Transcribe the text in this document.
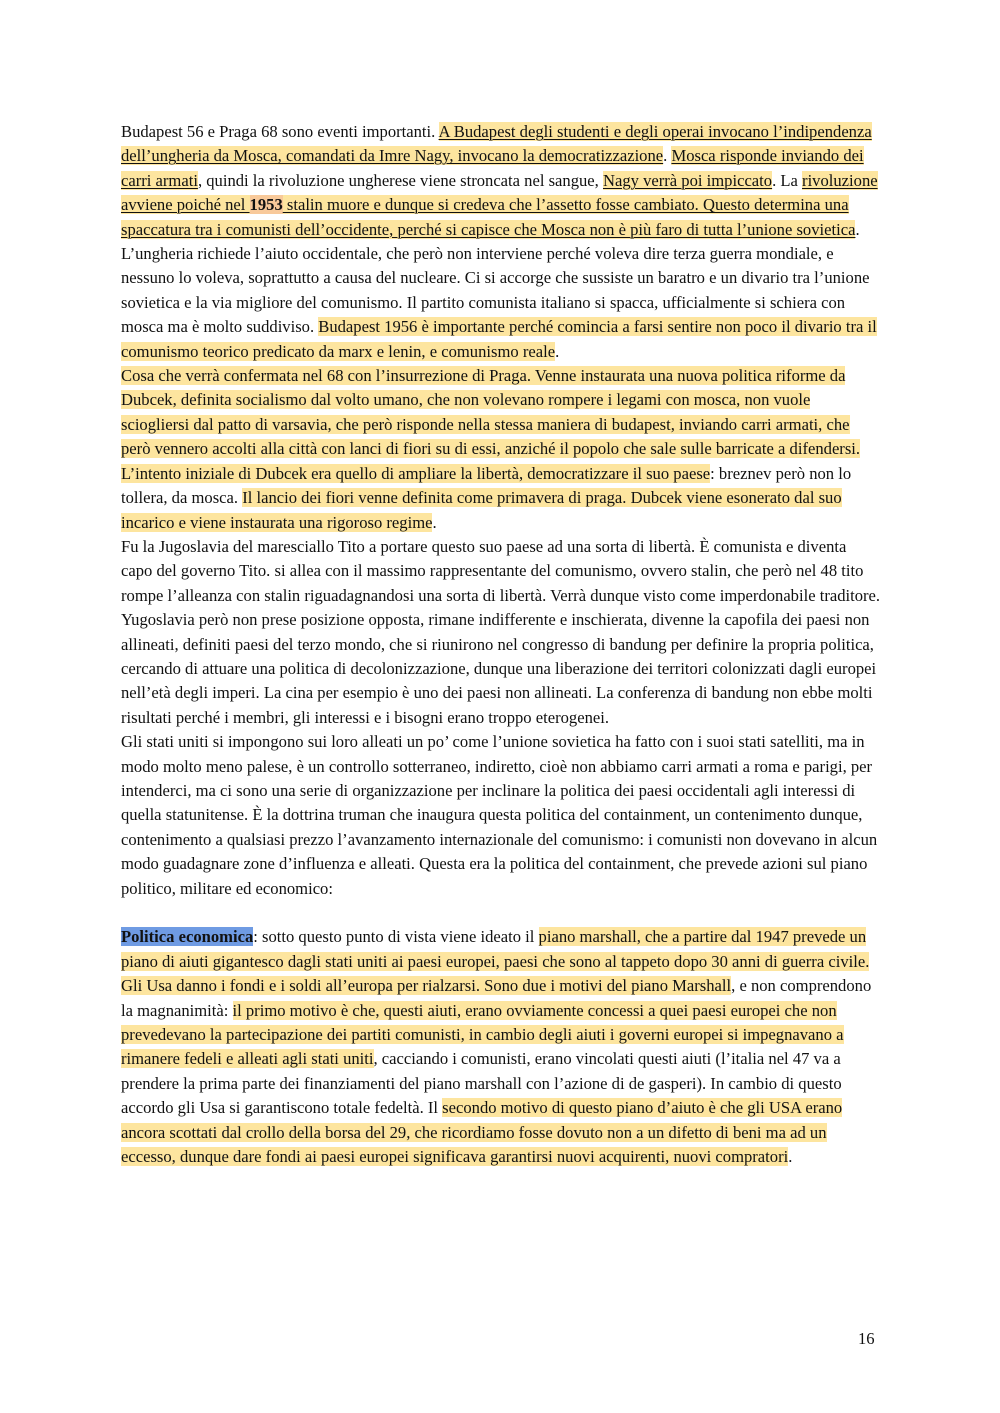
Budapest 56 e Praga 68 sono eventi importanti. A Budapest degli studenti e degli operai invocano l’indipendenza dell’ungheria da Mosca, comandati da Imre Nagy, invocano la democratizzazione. Mosca risponde inviando dei carri armati, quindi la rivoluzione ungherese viene stroncata nel sangue, Nagy verrà poi impiccato. La rivoluzione avviene poiché nel 1953 stalin muore e dunque si credeva che l’assetto fosse cambiato. Questo determina una spaccatura tra i comunisti dell’occidente, perché si capisce che Mosca non è più faro di tutta l’unione sovietica. L’ungheria richiede l’aiuto occidentale, che però non interviene perché voleva dire terza guerra mondiale, e nessuno lo voleva, soprattutto a causa del nucleare. Ci si accorge che sussiste un baratro e un divario tra l’unione sovietica e la via migliore del comunismo. Il partito comunista italiano si spacca, ufficialmente si schiera con mosca ma è molto suddiviso. Budapest 1956 è importante perché comincia a farsi sentire non poco il divario tra il comunismo teorico predicato da marx e lenin, e comunismo reale.

Cosa che verrà confermata nel 68 con l’insurrezione di Praga. Venne instaurata una nuova politica riforme da Dubcek, definita socialismo dal volto umano, che non volevano rompere i legami con mosca, non vuole sciogliersi dal patto di varsavia, che però risponde nella stessa maniera di budapest, inviando carri armati, che però vennero accolti alla città con lanci di fiori su di essi, anziché il popolo che sale sulle barricate a difendersi. L’intento iniziale di Dubcek era quello di ampliare la libertà, democratizzare il suo paese: breznev però non lo tollera, da mosca. Il lancio dei fiori venne definita come primavera di praga. Dubcek viene esonerato dal suo incarico e viene instaurata una rigoroso regime.

Fu la Jugoslavia del maresciallo Tito a portare questo suo paese ad una sorta di libertà. È comunista e diventa capo del governo Tito. si allea con il massimo rappresentante del comunismo, ovvero stalin, che però nel 48 tito rompe l’alleanza con stalin riguadagnandosi una sorta di libertà. Verrà dunque visto come imperdonabile traditore. Yugoslavia però non prese posizione opposta, rimane indifferente e inschierata, divenne la capofila dei paesi non allineati, definiti paesi del terzo mondo, che si riunirono nel congresso di bandung per definire la propria politica, cercando di attuare una politica di decolonizzazione, dunque una liberazione dei territori colonizzati dagli europei nell’età degli imperi. La cina per esempio è uno dei paesi non allineati. La conferenza di bandung non ebbe molti risultati perché i membri, gli interessi e i bisogni erano troppo eterogenei.

Gli stati uniti si impongono sui loro alleati un po’ come l’unione sovietica ha fatto con i suoi stati satelliti, ma in modo molto meno palese, è un controllo sotterraneo, indiretto, cioè non abbiamo carri armati a roma e parigi, per intenderci, ma ci sono una serie di organizzazione per inclinare la politica dei paesi occidentali agli interessi di quella statunitense. È la dottrina truman che inaugura questa politica del containment, un contenimento dunque, contenimento a qualsiasi prezzo l’avanzamento internazionale del comunismo: i comunisti non dovevano in alcun modo guadagnare zone d’influenza e alleati. Questa era la politica del containment, che prevede azioni sul piano politico, militare ed economico:

Politica economica: sotto questo punto di vista viene ideato il piano marshall, che a partire dal 1947 prevede un piano di aiuti gigantesco dagli stati uniti ai paesi europei, paesi che sono al tappeto dopo 30 anni di guerra civile. Gli Usa danno i fondi e i soldi all’europa per rialzarsi. Sono due i motivi del piano Marshall, e non comprendono la magnanimità: il primo motivo è che, questi aiuti, erano ovviamente concessi a quei paesi europei che non prevedevano la partecipazione dei partiti comunisti, in cambio degli aiuti i governi europei si impegnavano a rimanere fedeli e alleati agli stati uniti, cacciando i comunisti, erano vincolati questi aiuti (l’italia nel 47 va a prendere la prima parte dei finanziamenti del piano marshall con l’azione di de gasperi). In cambio di questo accordo gli Usa si garantiscono totale fedeltà. Il secondo motivo di questo piano d’aiuto è che gli USA erano ancora scottati dal crollo della borsa del 29, che ricordiamo fosse dovuto non a un difetto di beni ma ad un eccesso, dunque dare fondi ai paesi europei significava garantirsi nuovi acquirenti, nuovi compratori.

16
